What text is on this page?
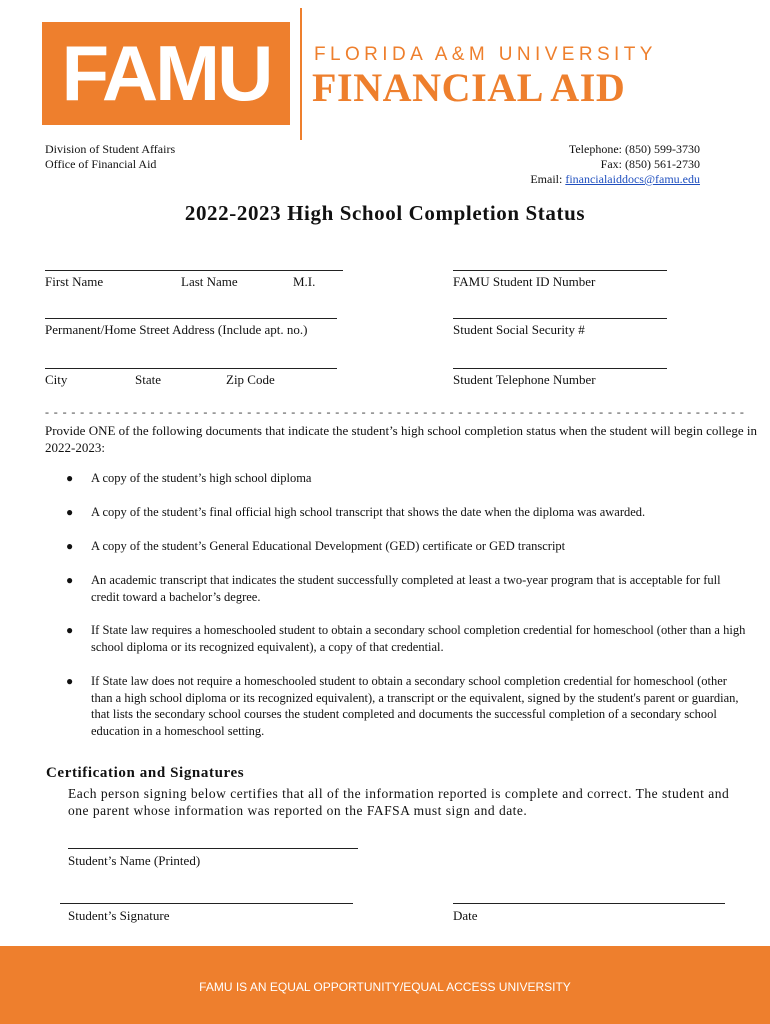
FAMU FLORIDA A&M UNIVERSITY
FINANCIAL AID
Division of Student Affairs
Office of Financial Aid
Telephone: (850) 599-3730
Fax: (850) 561-2730
Email: financialaiddocs@famu.edu
2022-2023 High School Completion Status
First Name	Last Name	M.I.	FAMU Student ID Number
Permanent/Home Street Address (Include apt. no.)	Student Social Security #
City	State	Zip Code	Student Telephone Number
- - - - - - - - - - - - - - - - - - - - - - - - - - - - - - - - - - - - - - - - - - - - - - - - - - - - - - - - - - - - - - - - - - - - - - - - - - - - - - - -
Provide ONE of the following documents that indicate the student’s high school completion status when the student will begin college in 2022-2023:
● A copy of the student’s high school diploma
● A copy of the student’s final official high school transcript that shows the date when the diploma was awarded.
● A copy of the student’s General Educational Development (GED) certificate or GED transcript
● An academic transcript that indicates the student successfully completed at least a two-year program that is acceptable for full credit toward a bachelor’s degree.
● If State law requires a homeschooled student to obtain a secondary school completion credential for homeschool (other than a high school diploma or its recognized equivalent), a copy of that credential.
● If State law does not require a homeschooled student to obtain a secondary school completion credential for homeschool (other than a high school diploma or its recognized equivalent), a transcript or the equivalent, signed by the student's parent or guardian, that lists the secondary school courses the student completed and documents the successful completion of a secondary school education in a homeschool setting.
Certification and Signatures
Each person signing below certifies that all of the information reported is complete and correct. The student and one parent whose information was reported on the FAFSA must sign and date.
Student’s Name (Printed)
Student’s Signature	Date
FAMU IS AN EQUAL OPPORTUNITY/EQUAL ACCESS UNIVERSITY
